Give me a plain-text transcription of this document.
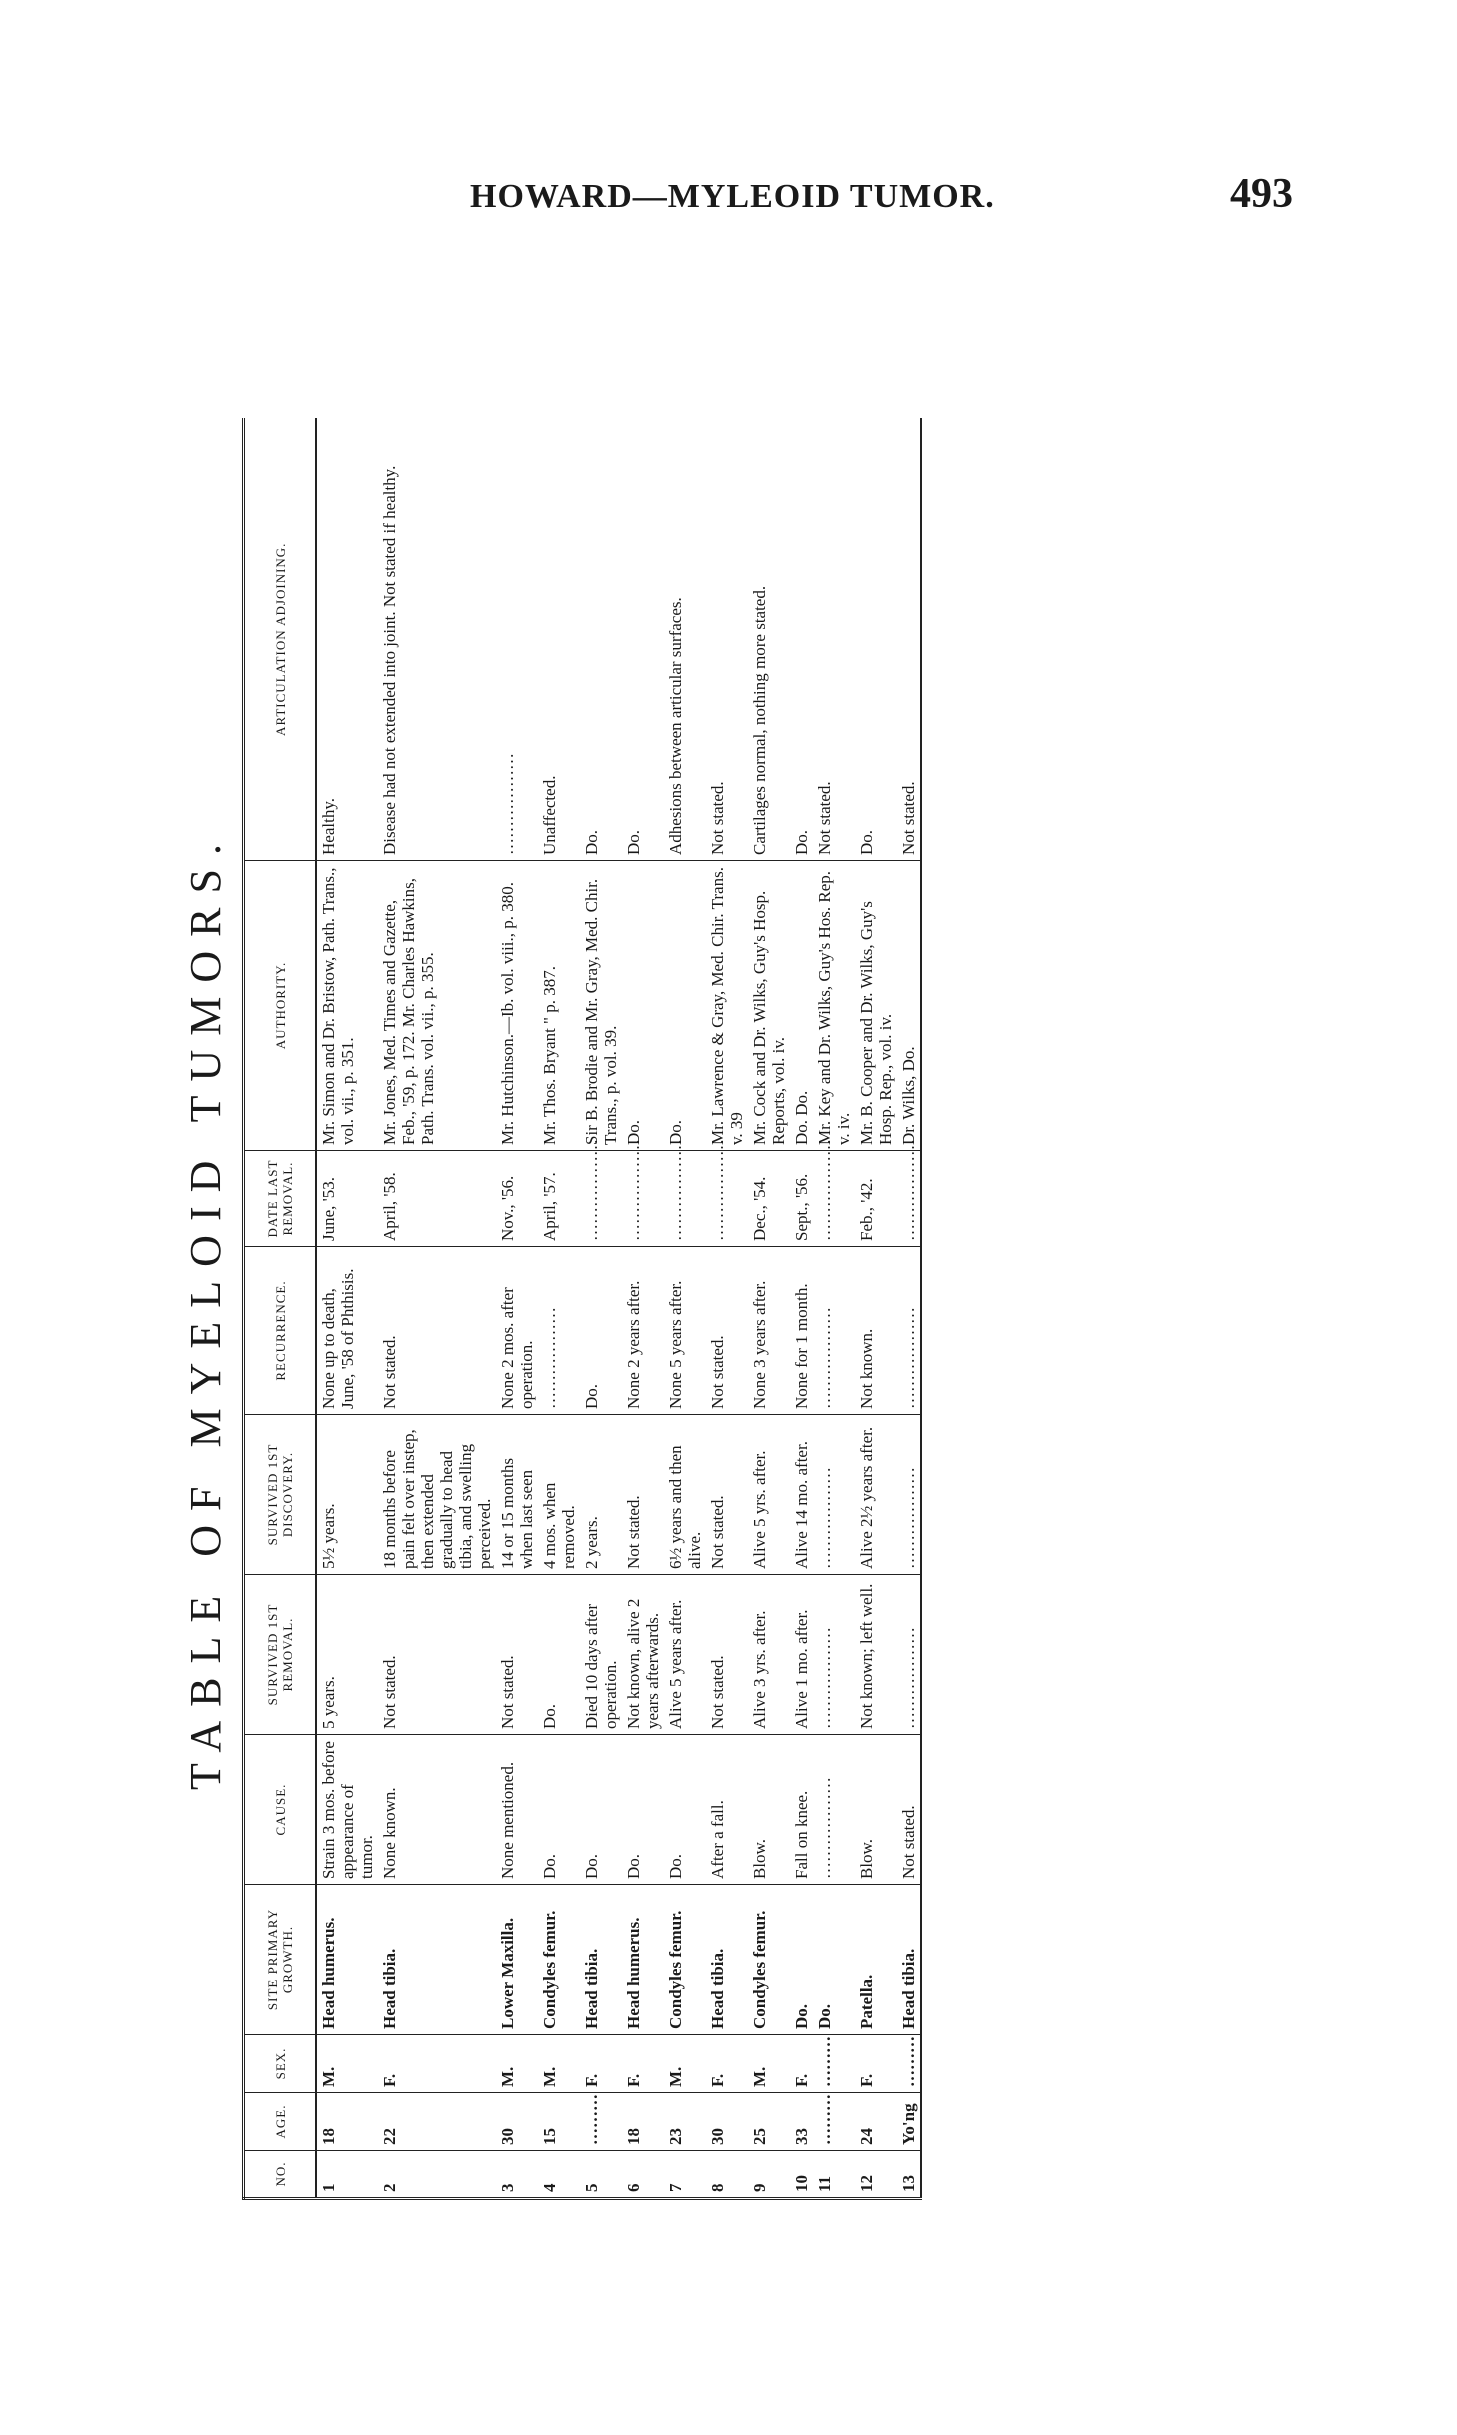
HOWARD—MYLEOID TUMOR.	493
TABLE OF MYELOID TUMORS.
NO.	AGE.	SEX.	SITE PRIMARY GROWTH.	CAUSE.	SURVIVED 1ST REMOVAL.	SURVIVED 1ST DISCOVERY.	RECURRENCE.	DATE LAST REMOVAL.	AUTHORITY.	ARTICULATION ADJOINING.
1	18	M.	Head humerus.	Strain 3 mos. before appearance of tumor.	5 years.	5½ years.	None up to death, June, '58 of Phthisis.	June, '53.	Mr. Simon and Dr. Bristow, Path. Trans., vol. vii., p. 351.	Healthy.
2	22	F.	Head tibia.	None known.	Not stated.	18 months before pain felt over instep, then extended gradually to head tibia, and swelling perceived.	Not stated.	April, '58.	Mr. Jones, Med. Times and Gazette, Feb., '59, p. 172. Mr. Charles Hawkins, Path. Trans. vol. vii., p. 355.	Disease had not extended into joint. Not stated if healthy.
3	30	M.	Lower Maxilla.	None mentioned.	Not stated.	14 or 15 months when last seen	None 2 mos. after operation.	Nov., '56.	Mr. Hutchinson.—Ib. vol. viii., p. 380.	………………
4	15	M.	Condyles femur.	Do.	Do.	4 mos. when removed.	………………	April, '57.	Mr. Thos. Bryant " p. 387.	Unaffected.
5	………	F.	Head tibia.	Do.	Died 10 days after operation.	2 years.	Do.	………………	Sir B. Brodie and Mr. Gray, Med. Chir. Trans., p. vol. 39.	Do.
6	18	F.	Head humerus.	Do.	Not known, alive 2 years afterwards.	Not stated.	None 2 years after.	………………	Do.	Do.
7	23	M.	Condyles femur.	Do.	Alive 5 years after.	6½ years and then alive.	None 5 years after.	………………	Do.	Adhesions between articular surfaces.
8	30	F.	Head tibia.	After a fall.	Not stated.	Not stated.	Not stated.	………………	Mr. Lawrence & Gray, Med. Chir. Trans. v. 39	Not stated.
9	25	M.	Condyles femur.	Blow.	Alive 3 yrs. after.	Alive 5 yrs. after.	None 3 years after.	Dec., '54.	Mr. Cock and Dr. Wilks, Guy's Hosp. Reports, vol. iv.	Cartilages normal, nothing more stated.
10	33	F.	Do.	Fall on knee.	Alive 1 mo. after.	Alive 14 mo. after.	None for 1 month.	Sept., '56.	Do. Do.	Do.
11	………	………	Do.	………………	………………	………………	………………	………………	Mr. Key and Dr. Wilks, Guy's Hos. Rep. v. iv.	Not stated.
12	24	F.	Patella.	Blow.	Not known; left well.	Alive 2½ years after.	Not known.	Feb., '42.	Mr. B. Cooper and Dr. Wilks, Guy's Hosp. Rep., vol. iv.	Do.
13	Yo'ng	………	Head tibia.	Not stated.	………………	………………	………………	………………	Dr. Wilks, Do.	Not stated.
